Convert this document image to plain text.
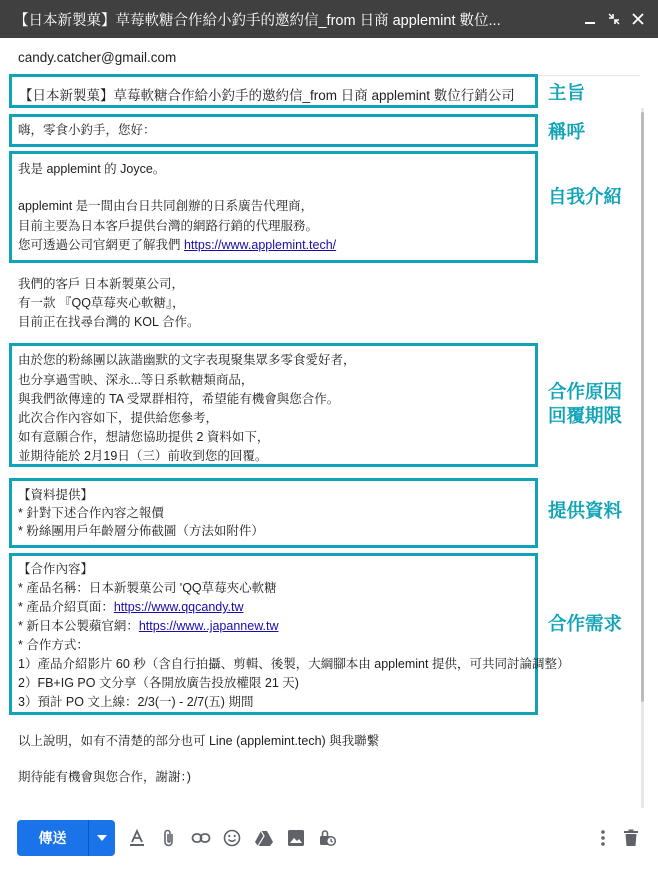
【日本新製菓】草莓軟糖合作給小釣手的邀約信_from 日商 applemint 數位...
candy.catcher@gmail.com
【日本新製菓】草莓軟糖合作給小釣手的邀約信_from 日商 applemint 數位行銷公司 主旨
嗨，零食小釣手，您好：	稱呼
我是 applemint 的 Joyce。
applemint 是一間由台日共同創辦的日系廣告代理商，
目前主要為日本客戶提供台灣的網路行銷的代理服務。
您可透過公司官網更了解我們 https://www.applemint.tech/
自我介紹
我們的客戶 日本新製菓公司，
有一款 『QQ草莓夾心軟糖』，
目前正在找尋台灣的 KOL 合作。
由於您的粉絲團以詼諧幽默的文字表現聚集眾多零食愛好者，
也分享過雪映、深永...等日系軟糖類商品，
與我們欲傳達的 TA 受眾群相符，希望能有機會與您合作。
此次合作內容如下，提供給您參考，
如有意願合作，想請您協助提供 2 資料如下，
並期待能於 2月19日（三）前收到您的回覆。
合作原因
回覆期限
【資料提供】
* 針對下述合作內容之報價
* 粉絲團用戶年齡層分佈截圖（方法如附件）
提供資料
【合作內容】
* 產品名稱：日本新製菓公司 'QQ草莓夾心軟糖
* 產品介紹頁面：https://www.qqcandy.tw
* 新日本公製蘋官網：https://www..japannew.tw
* 合作方式：
1）產品介紹影片 60 秒（含自行拍攝、剪輯、後製，大綱腳本由 applemint 提供，可共同討論調整）
2）FB+IG PO 文分享（各開放廣告投放權限 21 天)
3）預計 PO 文上線：2/3(一) - 2/7(五) 期間
合作需求
以上說明，如有不清楚的部分也可 Line (applemint.tech) 與我聯繫
期待能有機會與您合作，謝謝：)
傳送
